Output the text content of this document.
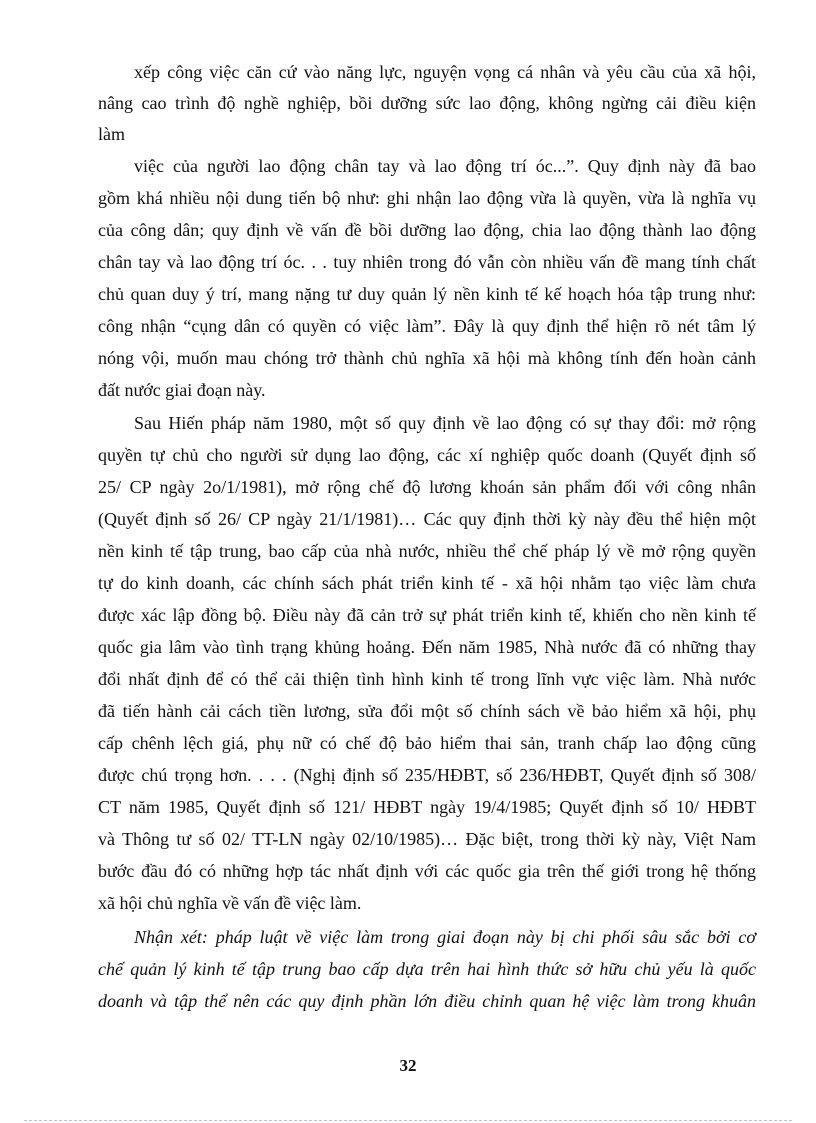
xếp công việc căn cứ vào năng lực, nguyện vọng cá nhân và yêu cầu của xã hội,
nâng cao trình độ nghề nghiệp, bồi dưỡng sức lao động, không ngừng cải điều kiện
làm
việc của người lao động chân tay và lao động trí óc...”. Quy định này đã bao
gồm khá nhiều nội dung tiến bộ như: ghi nhận lao động vừa là quyền, vừa là nghĩa vụ
của công dân; quy định về vấn đề bồi dưỡng lao động, chia lao động thành lao động
chân tay và lao động trí óc. . . tuy nhiên trong đó vẫn còn nhiều vấn đề mang tính chất
chủ quan duy ý trí, mang nặng tư duy quản lý nền kinh tế kế hoạch hóa tập trung như:
công nhận “cụng dân có quyền có việc làm”. Đây là quy định thể hiện rõ nét tâm lý
nóng vội, muốn mau chóng trở thành chủ nghĩa xã hội mà không tính đến hoàn cảnh
đất nước giai đoạn này.
Sau Hiến pháp năm 1980, một số quy định về lao động có sự thay đổi: mở rộng
quyền tự chủ cho người sử dụng lao động, các xí nghiệp quốc doanh (Quyết định số
25/ CP ngày 2o/1/1981), mở rộng chế độ lương khoán sản phẩm đối với công nhân
(Quyết định số 26/ CP ngày 21/1/1981)… Các quy định thời kỳ này đều thể hiện một
nền kinh tế tập trung, bao cấp của nhà nước, nhiều thể chế pháp lý về mở rộng quyền
tự do kinh doanh, các chính sách phát triển kinh tế - xã hội nhằm tạo việc làm chưa
được xác lập đồng bộ. Điều này đã cản trở sự phát triển kinh tế, khiến cho nền kinh tế
quốc gia lâm vào tình trạng khủng hoảng. Đến năm 1985, Nhà nước đã có những thay
đổi nhất định để có thể cải thiện tình hình kinh tế trong lĩnh vực việc làm. Nhà nước
đã tiến hành cải cách tiền lương, sửa đổi một số chính sách về bảo hiểm xã hội, phụ
cấp chênh lệch giá, phụ nữ có chế độ bảo hiểm thai sản, tranh chấp lao động cũng
được chú trọng hơn. . . . (Nghị định số 235/HĐBT, số 236/HĐBT, Quyết định số 308/
CT năm 1985, Quyết định số 121/ HĐBT ngày 19/4/1985; Quyết định số 10/ HĐBT
và Thông tư số 02/ TT-LN ngày 02/10/1985)… Đặc biệt, trong thời kỳ này, Việt Nam
bước đầu đó có những hợp tác nhất định với các quốc gia trên thế giới trong hệ thống
xã hội chủ nghĩa về vấn đề việc làm.
Nhận xét: pháp luật về việc làm trong giai đoạn này bị chi phối sâu sắc bởi cơ
chế quản lý kinh tế tập trung bao cấp dựa trên hai hình thức sở hữu chủ yếu là quốc
doanh và tập thể nên các quy định phần lớn điều chỉnh quan hệ việc làm trong khuân
32
